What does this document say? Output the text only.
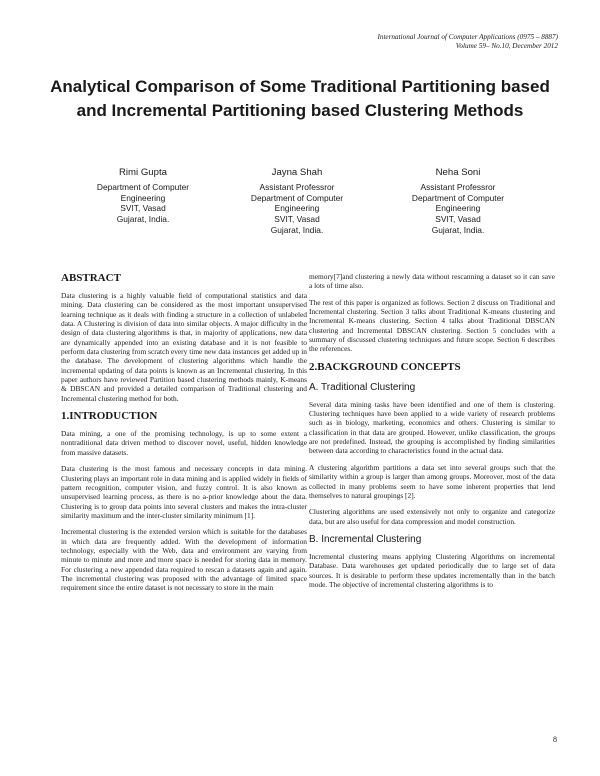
International Journal of Computer Applications (0975 – 8887)
Volume 59– No.10, December 2012
Analytical Comparison of Some Traditional Partitioning based and Incremental Partitioning based Clustering Methods
Rimi Gupta
Department of Computer
Engineering
SVIT, Vasad
Gujarat, India.
Jayna Shah
Assistant Professror
Department of Computer
Engineering
SVIT, Vasad
Gujarat, India.
Neha Soni
Assistant Professror
Department of Computer
Engineering
SVIT, Vasad
Gujarat, India.
ABSTRACT

Data clustering is a highly valuable field of computational statistics and data mining. Data clustering can be considered as the most important unsupervised learning technique as it deals with finding a structure in a collection of unlabeled data. A Clustering is division of data into similar objects. A major difficulty in the design of data clustering algorithms is that, in majority of applications, new data are dynamically appended into an existing database and it is not feasible to perform data clustering from scratch every time new data instances get added up in the database. The development of clustering algorithms which handle the incremental updating of data points is known as an Incremental clustering. In this paper authors have reviewed Partition based clustering methods mainly, K-means & DBSCAN and provided a detailed comparison of Traditional clustering and Incremental clustering method for both.

1.INTRODUCTION

Data mining, a one of the promising technology, is up to some extent a nontraditional data driven method to discover novel, useful, hidden knowledge from massive datasets.

Data clustering is the most famous and necessary concepts in data mining. Clustering plays an important role in data mining and is applied widely in fields of pattern recognition, computer vision, and fuzzy control. It is also known as unsupervised learning process, as there is no a-prior knowledge about the data. Clustering is to group data points into several clusters and makes the intra-cluster similarity maximum and the inter-cluster similarity minimum [1].

Incremental clustering is the extended version which is suitable for the databases in which data are frequently added. With the development of information technology, especially with the Web, data and environment are varying from minute to minute and more and more space is needed for storing data in memory. For clustering a new appended data required to rescan a datasets again and again. The incremental clustering was proposed with the advantage of limited space requirement since the entire dataset is not necessary to store in the main

memory[7]and clustering a newly data without rescanning a dataset so it can save a lots of time also.

The rest of this paper is organized as follows. Section 2 discuss on Traditional and Incremental clustering. Section 3 talks about Traditional K-means clustering and Incremental K-means clustering. Section 4 talks about Traditional DBSCAN clustering and Incremental DBSCAN clustering. Section 5 concludes with a summary of discussed clustering techniques and future scope. Section 6 describes the references.

2.BACKGROUND CONCEPTS
A. Traditional Clustering

Several data mining tasks have been identified and one of them is clustering. Clustering techniques have been applied to a wide variety of research problems such as in biology, marketing, economics and others. Clustering is similar to classification in that data are grouped. However, unlike classification, the groups are not predefined. Instead, the grouping is accomplished by finding similarities between data according to characteristics found in the actual data.

A clustering algorithm partitions a data set into several groups such that the similarity within a group is larger than among groups. Moreover, most of the data collected in many problems seem to have some inherent properties that lend themselves to natural groupings [2].

Clustering algorithms are used extensively not only to organize and categorize data, but are also useful for data compression and model construction.

B. Incremental Clustering

Incremental clustering means applying Clustering Algorithms on incremental Database. Data warehouses get updated periodically due to large set of data sources. It is desirable to perform these updates incrementally than in the batch mode. The objective of incremental clustering algorithms is to

8
